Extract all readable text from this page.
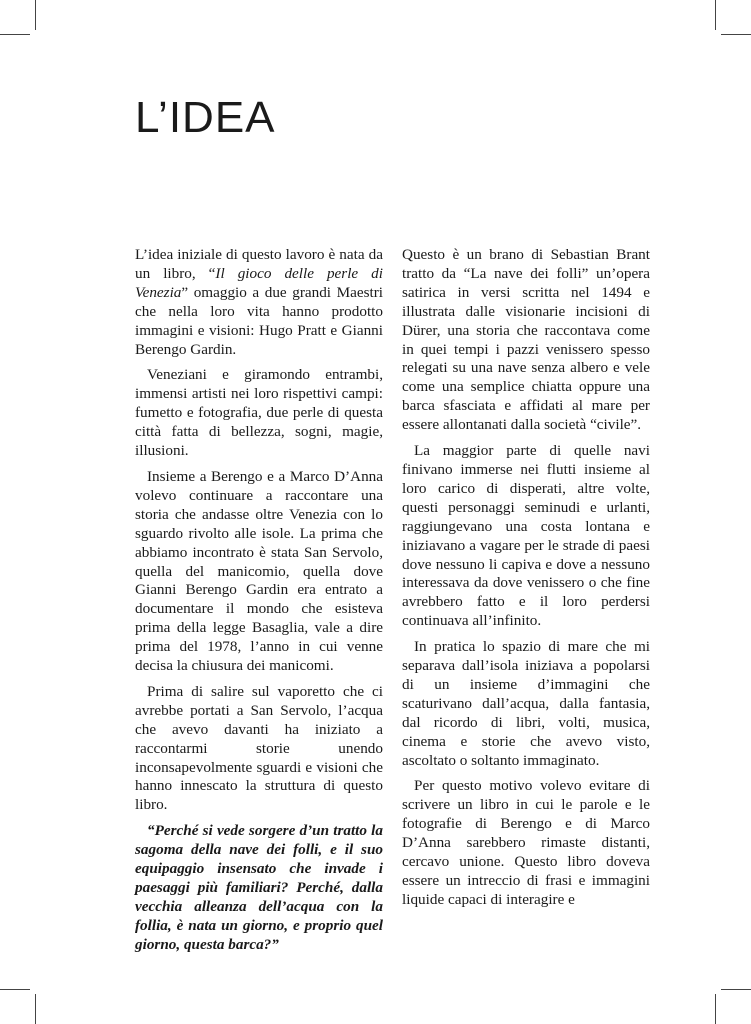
L’IDEA

L’idea iniziale di questo lavoro è nata da un libro, “Il gioco delle perle di Venezia” omaggio a due grandi Maestri che nella loro vita hanno prodotto immagini e visioni: Hugo Pratt e Gianni Berengo Gardin.

Veneziani e giramondo entrambi, immensi artisti nei loro rispettivi campi: fumetto e fotografia, due perle di questa città fatta di bellezza, sogni, magie, illusioni.

Insieme a Berengo e a Marco D’Anna volevo continuare a raccontare una storia che andasse oltre Venezia con lo sguardo rivolto alle isole. La prima che abbiamo incontrato è stata San Servolo, quella del manicomio, quella dove Gianni Berengo Gardin era entrato a documentare il mondo che esisteva prima della legge Basaglia, vale a dire prima del 1978, l’anno in cui venne decisa la chiusura dei manicomi.

Prima di salire sul vaporetto che ci avrebbe portati a San Servolo, l’acqua che avevo davanti ha iniziato a raccontarmi storie unendo inconsapevolmente sguardi e visioni che hanno innescato la struttura di questo libro.

“Perché si vede sorgere d’un tratto la sagoma della nave dei folli, e il suo equipaggio insensato che invade i paesaggi più familiari? Perché, dalla vecchia alleanza dell’acqua con la follia, è nata un giorno, e proprio quel giorno, questa barca?”

Questo è un brano di Sebastian Brant tratto da “La nave dei folli” un’opera satirica in versi scritta nel 1494 e illustrata dalle visionarie incisioni di Dürer, una storia che raccontava come in quei tempi i pazzi venissero spesso relegati su una nave senza albero e vele come una semplice chiatta oppure una barca sfasciata e affidati al mare per essere allontanati dalla società “civile”.

La maggior parte di quelle navi finivano immerse nei flutti insieme al loro carico di disperati, altre volte, questi personaggi seminudi e urlanti, raggiungevano una costa lontana e iniziavano a vagare per le strade di paesi dove nessuno li capiva e dove a nessuno interessava da dove venissero o che fine avrebbero fatto e il loro perdersi continuava all’infinito.

In pratica lo spazio di mare che mi separava dall’isola iniziava a popolarsi di un insieme d’immagini che scaturivano dall’acqua, dalla fantasia, dal ricordo di libri, volti, musica, cinema e storie che avevo visto, ascoltato o soltanto immaginato.

Per questo motivo volevo evitare di scrivere un libro in cui le parole e le fotografie di Berengo e di Marco D’Anna sarebbero rimaste distanti, cercavo unione. Questo libro doveva essere un intreccio di frasi e immagini liquide capaci di interagire e
